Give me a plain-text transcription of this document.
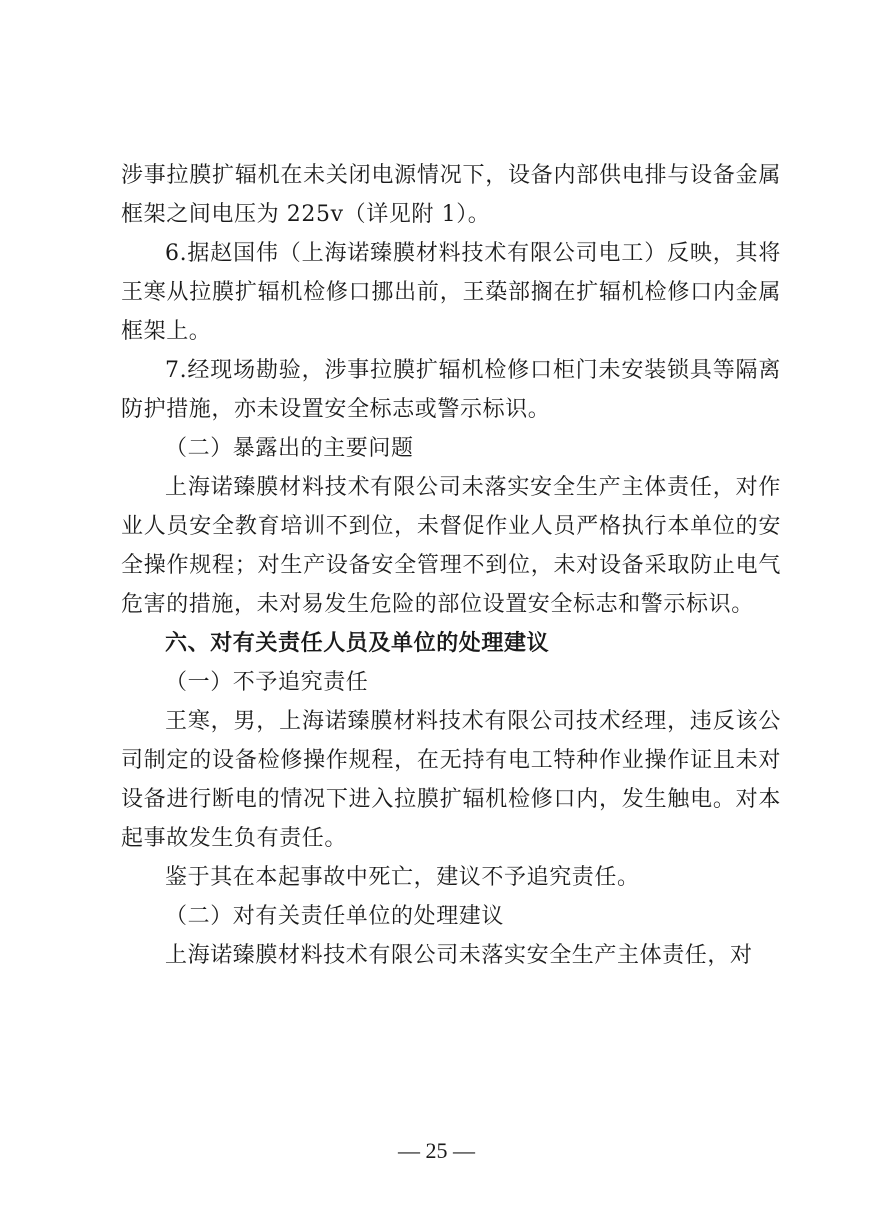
涉事拉膜扩辐机在未关闭电源情况下，设备内部供电排与设备金属框架之间电压为 225v（详见附 1）。

6.据赵国伟（上海诺臻膜材料技术有限公司电工）反映，其将王寒从拉膜扩辐机检修口挪出前，王蒅部搁在扩辐机检修口内金属框架上。

7.经现场勘验，涉事拉膜扩辐机检修口柜门未安装锁具等隔离防护措施，亦未设置安全标志或警示标识。

（二）暴露出的主要问题

上海诺臻膜材料技术有限公司未落实安全生产主体责任，对作业人员安全教育培训不到位，未督促作业人员严格执行本单位的安全操作规程；对生产设备安全管理不到位，未对设备采取防止电气危害的措施，未对易发生危险的部位设置安全标志和警示标识。

六、对有关责任人员及单位的处理建议

（一）不予追究责任

王寒，男，上海诺臻膜材料技术有限公司技术经理，违反该公司制定的设备检修操作规程，在无持有电工特种作业操作证且未对设备进行断电的情况下进入拉膜扩辐机检修口内，发生触电。对本起事故发生负有责任。

鉴于其在本起事故中死亡，建议不予追究责任。

（二）对有关责任单位的处理建议

上海诺臻膜材料技术有限公司未落实安全生产主体责任，对

— 25 —
